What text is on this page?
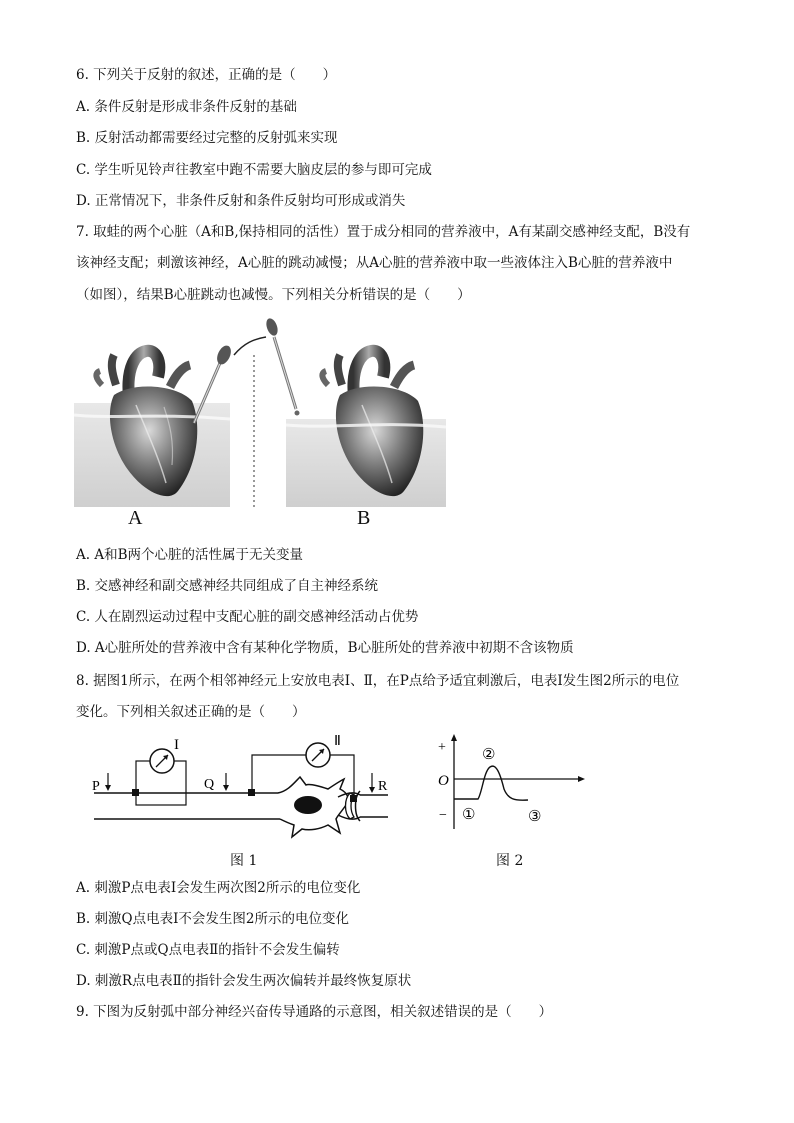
6. 下列关于反射的叙述，正确的是（　　）
A. 条件反射是形成非条件反射的基础
B. 反射活动都需要经过完整的反射弧来实现
C. 学生听见铃声往教室中跑不需要大脑皮层的参与即可完成
D. 正常情况下，非条件反射和条件反射均可形成或消失
7. 取蛙的两个心脏（A和B,保持相同的活性）置于成分相同的营养液中，A有某副交感神经支配，B没有
该神经支配；刺激该神经，A心脏的跳动减慢；从A心脏的营养液中取一些液体注入B心脏的营养液中
（如图），结果B心脏跳动也减慢。下列相关分析错误的是（　　）
A	B
A. A和B两个心脏的活性属于无关变量
B. 交感神经和副交感神经共同组成了自主神经系统
C. 人在剧烈运动过程中支配心脏的副交感神经活动占优势
D. A心脏所处的营养液中含有某种化学物质，B心脏所处的营养液中初期不含该物质
8. 据图1所示，在两个相邻神经元上安放电表Ⅰ、Ⅱ，在P点给予适宜刺激后，电表Ⅰ发生图2所示的电位
变化。下列相关叙述正确的是（　　）
P	Q	R
I	Ⅱ
图 1
+
O
− ①
②
③
图 2
A. 刺激P点电表Ⅰ会发生两次图2所示的电位变化
B. 刺激Q点电表Ⅰ不会发生图2所示的电位变化
C. 刺激P点或Q点电表Ⅱ的指针不会发生偏转
D. 刺激R点电表Ⅱ的指针会发生两次偏转并最终恢复原状
9. 下图为反射弧中部分神经兴奋传导通路的示意图，相关叙述错误的是（　　）
